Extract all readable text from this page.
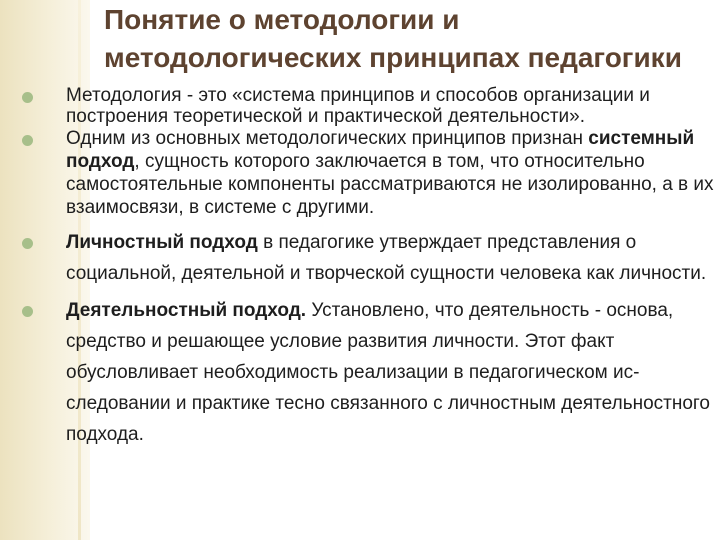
Понятие о методологии и
методологических принципах педагогики
Методология - это «система принципов и способов организации и построения теоретической и практической деятельности».
Одним из основных методологических принципов признан системный подход, сущность которого заключается в том, что относительно самостоятельные компоненты рассматриваются не изолированно, а в их взаимосвязи, в системе с другими.
Личностный подход в педагогике утверждает представления о социальной, деятельной и творческой сущности человека как личности.
Деятельностный подход. Установлено, что деятельность - основа, средство и решающее условие развития личности. Этот факт обусловливает необходимость реализации в педагогическом ис-следовании и практике тесно связанного с личностным деятельностного подхода.
